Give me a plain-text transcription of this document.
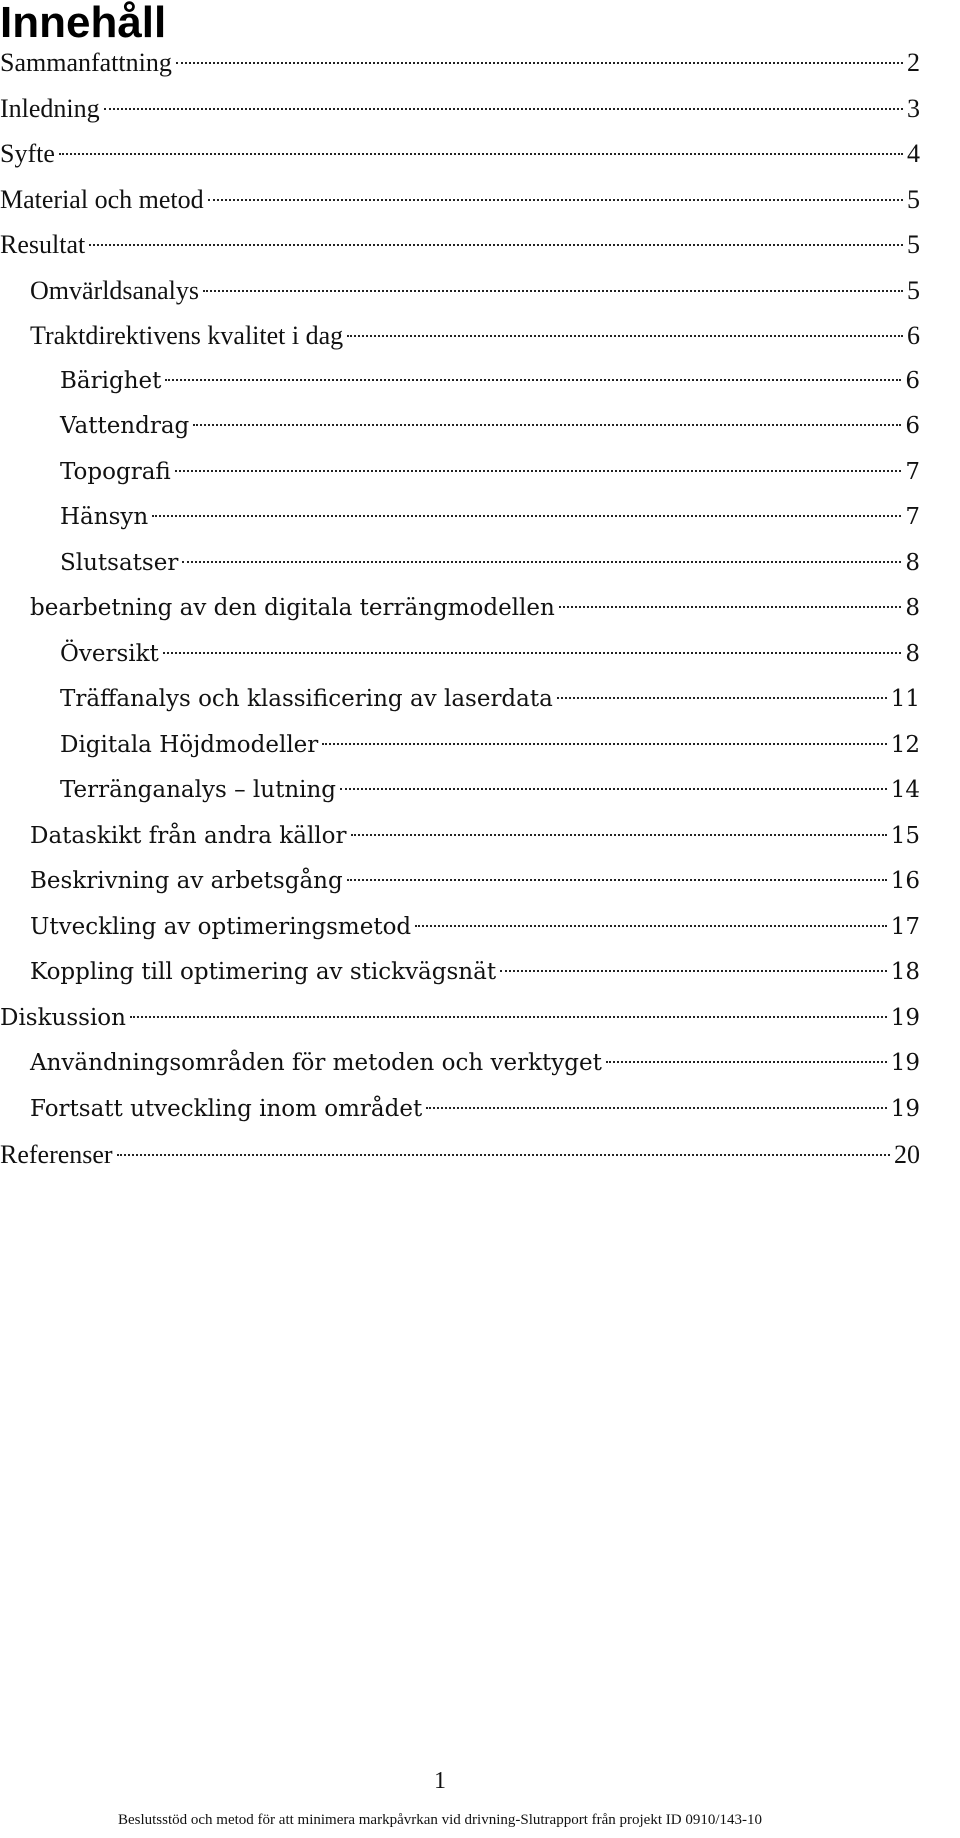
Innehåll
Sammanfattning	2
Inledning	3
Syfte	4
Material och metod	5
Resultat	5
Omvärldsanalys	5
Traktdirektivens kvalitet i dag	6
Bärighet	6
Vattendrag	6
Topografi	7
Hänsyn	7
Slutsatser	8
bearbetning av den digitala terrängmodellen	8
Översikt	8
Träffanalys och klassificering av laserdata	11
Digitala Höjdmodeller	12
Terränganalys – lutning	14
Dataskikt från andra källor	15
Beskrivning av arbetsgång	16
Utveckling av optimeringsmetod	17
Koppling till optimering av stickvägsnät	18
Diskussion	19
Användningsområden för metoden och verktyget	19
Fortsatt utveckling inom området	19
Referenser	20
1
Beslutsstöd och metod för att minimera markpåvrkan vid drivning-Slutrapport från projekt ID 0910/143-10
